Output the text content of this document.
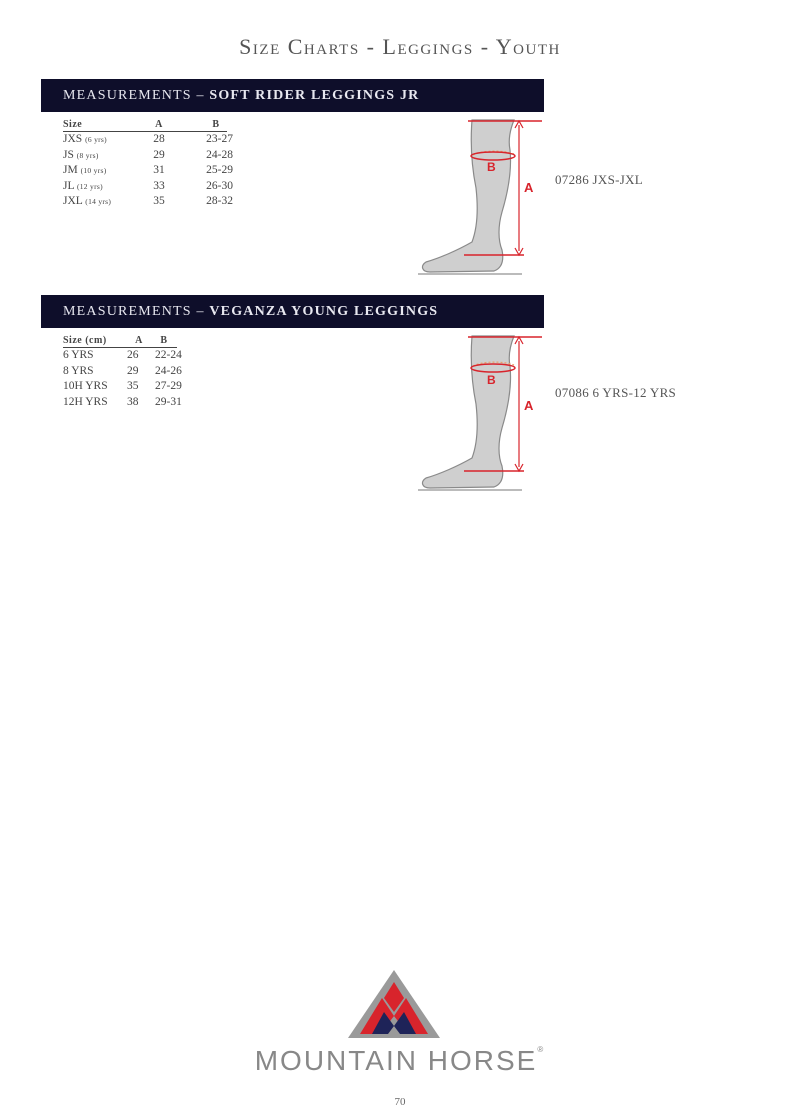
Size Charts - Leggings - Youth
MEASUREMENTS – SOFT RIDER LEGGINGS JR
Size	A	B
JXS (6 yrs)	28	23-27
JS (8 yrs)	29	24-28
JM (10 yrs)	31	25-29
JL (12 yrs)	33	26-30
JXL (14 yrs)	35	28-32
B
A
07286 JXS-JXL
MEASUREMENTS – VEGANZA YOUNG LEGGINGS
Size (cm)	A	B
6 YRS	26	22-24
8 YRS	29	24-26
10H YRS	35	27-29
12H YRS	38	29-31
B
A
07086 6 YRS-12 YRS
MOUNTAIN HORSE®
70
